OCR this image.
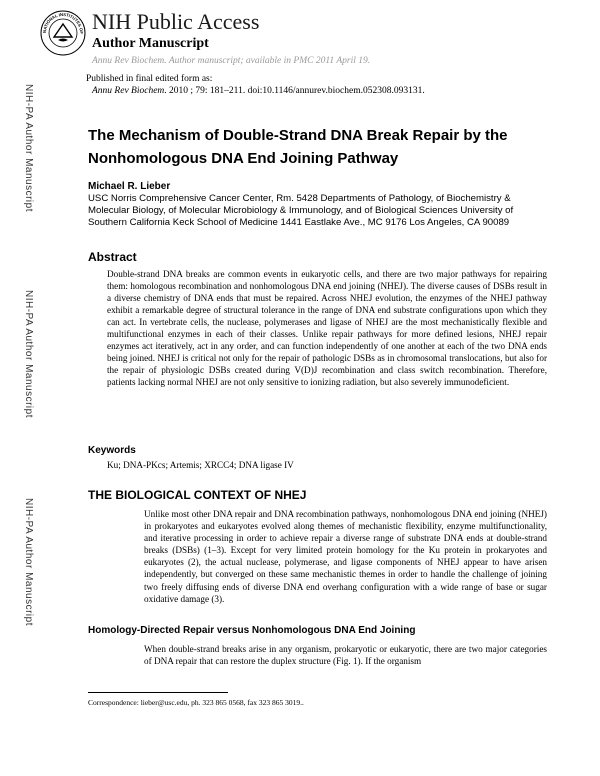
NATIONAL INSTITUTES OF NIH Public Access
Author Manuscript
Annu Rev Biochem. Author manuscript; available in PMC 2011 April 19.
Published in final edited form as:
Annu Rev Biochem. 2010 ; 79: 181–211. doi:10.1146/annurev.biochem.052308.093131.
NIH-PA Author Manuscript
NIH-PA Author Manuscript
NIH-PA Author Manuscript
The Mechanism of Double-Strand DNA Break Repair by the Nonhomologous DNA End Joining Pathway
Michael R. Lieber
USC Norris Comprehensive Cancer Center, Rm. 5428 Departments of Pathology, of Biochemistry & Molecular Biology, of Molecular Microbiology & Immunology, and of Biological Sciences University of Southern California Keck School of Medicine 1441 Eastlake Ave., MC 9176 Los Angeles, CA 90089
Abstract
Double-strand DNA breaks are common events in eukaryotic cells, and there are two major pathways for repairing them: homologous recombination and nonhomologous DNA end joining (NHEJ). The diverse causes of DSBs result in a diverse chemistry of DNA ends that must be repaired. Across NHEJ evolution, the enzymes of the NHEJ pathway exhibit a remarkable degree of structural tolerance in the range of DNA end substrate configurations upon which they can act. In vertebrate cells, the nuclease, polymerases and ligase of NHEJ are the most mechanistically flexible and multifunctional enzymes in each of their classes. Unlike repair pathways for more defined lesions, NHEJ repair enzymes act iteratively, act in any order, and can function independently of one another at each of the two DNA ends being joined. NHEJ is critical not only for the repair of pathologic DSBs as in chromosomal translocations, but also for the repair of physiologic DSBs created during V(D)J recombination and class switch recombination. Therefore, patients lacking normal NHEJ are not only sensitive to ionizing radiation, but also severely immunodeficient.
Keywords
Ku; DNA-PKcs; Artemis; XRCC4; DNA ligase IV
THE BIOLOGICAL CONTEXT OF NHEJ
Unlike most other DNA repair and DNA recombination pathways, nonhomologous DNA end joining (NHEJ) in prokaryotes and eukaryotes evolved along themes of mechanistic flexibility, enzyme multifunctionality, and iterative processing in order to achieve repair a diverse range of substrate DNA ends at double-strand breaks (DSBs) (1–3). Except for very limited protein homology for the Ku protein in prokaryotes and eukaryotes (2), the actual nuclease, polymerase, and ligase components of NHEJ appear to have arisen independently, but converged on these same mechanistic themes in order to handle the challenge of joining two freely diffusing ends of diverse DNA end overhang configuration with a wide range of base or sugar oxidative damage (3).
Homology-Directed Repair versus Nonhomologous DNA End Joining
When double-strand breaks arise in any organism, prokaryotic or eukaryotic, there are two major categories of DNA repair that can restore the duplex structure (Fig. 1). If the organism
Correspondence: lieber@usc.edu, ph. 323 865 0568, fax 323 865 3019..
